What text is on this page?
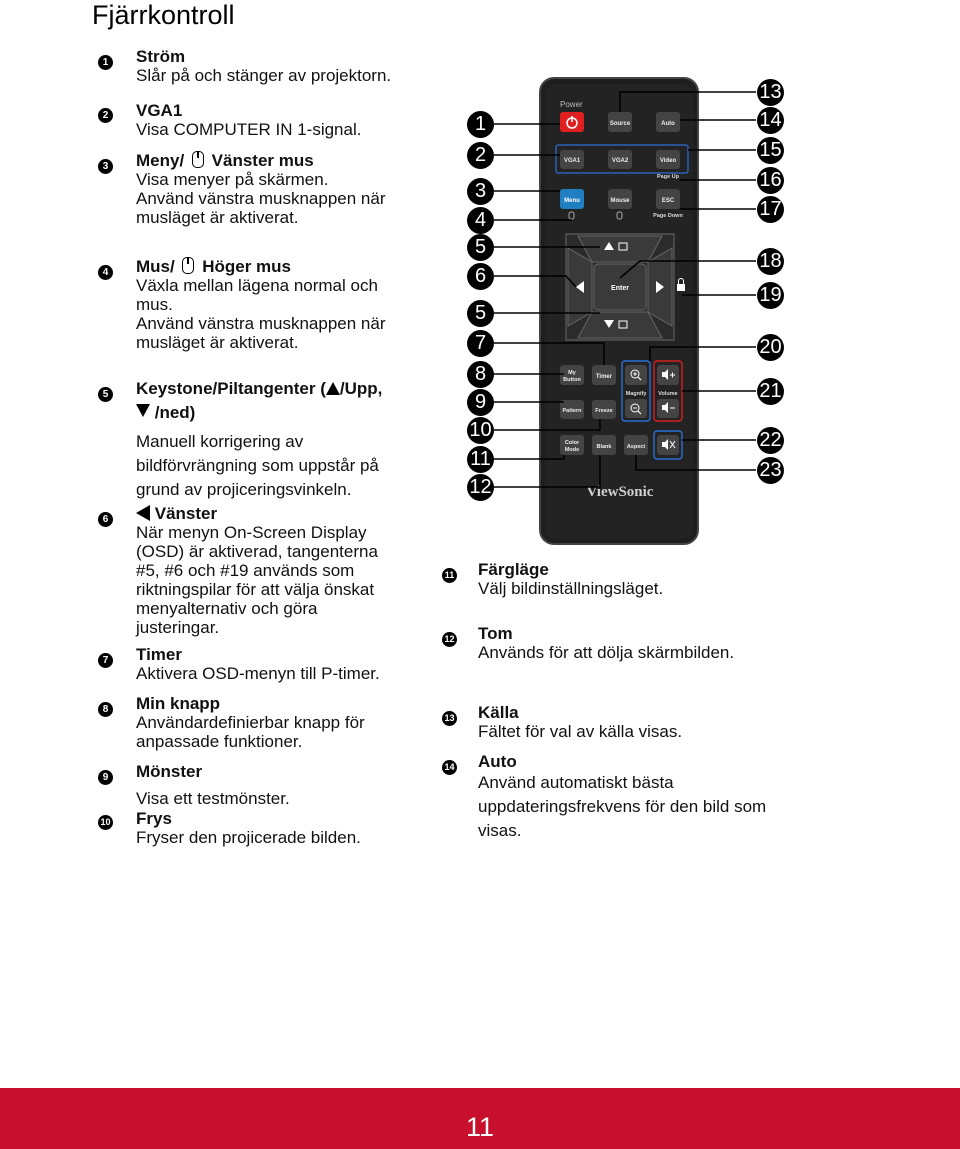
Fjärrkontroll
1 Ström
Slår på och stänger av projektorn.
2 VGA1
Visa COMPUTER IN 1-signal.
3 Meny/ Vänster mus
Visa menyer på skärmen.
Använd vänstra musknappen när
musläget är aktiverat.
4 Mus/ Höger mus
Växla mellan lägena normal och
mus.
Använd vänstra musknappen när
musläget är aktiverat.
5 Keystone/Piltangenter ( /Upp,
/ned)
Manuell korrigering av
bildförvrängning som uppstår på
grund av projiceringsvinkeln.
6	Vänster
När menyn On-Screen Display
(OSD) är aktiverad, tangenterna
#5, #6 och #19 används som
riktningspilar för att välja önskat
menyalternativ och göra
justeringar.
7 Timer
Aktivera OSD-menyn till P-timer.
8 Min knapp
Användardefinierbar knapp för
anpassade funktioner.
9 Mönster
Visa ett testmönster.
10 Frys
Fryser den projicerade bilden.
11 Färgläge
Välj bildinställningsläget.
12 Tom
Används för att dölja skärmbilden.
13 Källa
Fältet för val av källa visas.
14 Auto
Använd automatiskt bästa
uppdateringsfrekvens för den bild som
visas.
Power
Source	Auto
VGA1	VGA2	Video
Page Up
Menu	Mouse	ESC
Page Down
Enter
My
Button	Timer
Magnify Volume
Pattern	Freeze
Color
Mode	Blank	Aspect
ViewSonic
1
2
3
4
5
6
5
7
8
9
10
11
12
13
14
15
16
17
18
19
20
21
22
23
11
